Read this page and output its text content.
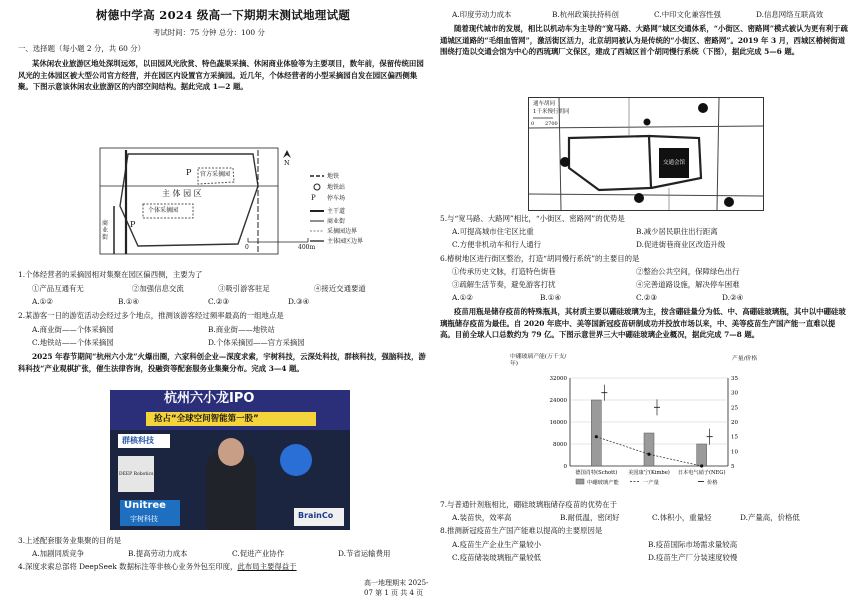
树德中学高 2024 级高一下期期末测试地理试题
考试时间：75 分钟 总分：100 分
一、选择题（每小题 2 分，共 60 分）
某休闲农业旅游区地处深圳远郊，以田园风光欣赏、特色蔬果采摘、休闲商业体验等为主要项目，数年前，保留传统田园风光的主体园区被大型公司官方经营，并在园区内设置官方采摘园。近几年，个体经营者的小型采摘园自发在园区偏西侧集聚。下图示意该休闲农业旅游区的内部空间结构。据此完成 1—2 题。
N
主 体 园 区
官方采摘园
个体采摘园
商业街
P
P
0	400m
地铁
地铁站
P 停车场
主干道
商业街
采摘园边界
主体园区边界
1.个体经营者的采摘园相对集聚在园区偏西侧，主要为了
①产品互通有无	②加强信息交流	③吸引游客驻足	④接近交通要道
A.①②	B.①④	C.②③	D.③④
2.某游客一日的游览活动会经过多个地点，推测该游客经过频率最高的一组地点是
A.商业街——个体采摘园	B.商业街——地铁站
C.地铁站——个体采摘园	D.个体采摘园——官方采摘园
2025 年春节期间“杭州六小龙”火爆出圈，六家科创企业—深度求索，宇树科技，云深处科技，群核科技，强脑科技，游科科技“产业观棋扩张，催生法律咨询，投融资等配套服务业集聚分布。完成 3—4 题。
杭州六小龙IPO
抢占“全球空间智能第一股”
群核科技
DEEP Robotics
Unitree
宇树科技	BrainCo
3.上述配套服务业集聚的目的是
A.加剧同质竞争	B.提高劳动力成本	C.促进产业协作	D.节省运输费用
4.深度求索总部将 DeepSeek 数据标注等非核心业务外包至印度，此布局主要得益于
高一地理期末 2025-07 第 1 页 共 4 页
A.印度劳动力成本	B.杭州政策扶持科创	C.中印文化兼容性强	D.信息网络互联高效
随着现代城市的发展，相比以机动车为主导的“宽马路、大路网”城区交通体系，“小街区、密路网”模式被认为更有利于疏通城区道路的“毛细血管网”，激活街区活力，北京胡同被认为是传统的“小街区、密路网”。2019 年 3 月，西城区椿树街道围绕打造以交通会馆为中心的西琉璃厂文保区，建成了西城区首个胡同慢行系统（下图），据此完成 5—6 题。
通车胡同
1千米慢行胡同
0 2700
交通会馆
5.与“宽马路、大路网”相比，“小街区、密路网”的优势是
A.可提高城市住宅区比重	B.减少居民职住出行距离
C.方便非机动车和行人通行	D.促进街巷商业区改造升级
6.椿树地区进行街区整治，打造“胡同慢行系统”的主要目的是
①传承历史文脉，打造特色街巷	②整治公共空间，保障绿色出行
③疏解生活节奏，避免游客打扰	④完善道路设施，解决停车困难
A.①②	B.①④	C.②③	D.②④
疫苗用瓶是储存疫苗的特殊瓶具，其材质主要以硼硅玻璃为主，按含硼硅量分为低、中、高硼硅玻璃瓶，其中以中硼硅玻璃瓶储存疫苗为最佳。自 2020 年底中、美等国新冠疫苗研制成功并投放市场以来，中、美等疫苗生产国产能一直难以提高。目前全球人口总数约为 79 亿。下图示意世界三大中硼硅玻璃企业概况，据此完成 7—8 题。
中硼玻璃产能(万千支/年)
产量/价格
32000
24000
16000
8000
0
35
30
25
20
15
10
5
德国肖特(Schott) 美国康宁(Kimbe) 日本电气硝子(NEG)
中硼玻璃产能	一产量	价格
7.与普通针剂瓶相比，硼硅玻璃瓶储存疫苗的优势在于
A.装苗快，效率高	B.耐低温，密闭好	C.体积小，重量轻	D.产量高，价格低
8.推测新冠疫苗生产国产能难以提高的主要原因是
A.疫苗生产企业生产量较小	B.疫苗国际市场需求量较高
C.疫苗储装玻璃瓶产量较低	D.疫苗生产厂分装速度较慢
